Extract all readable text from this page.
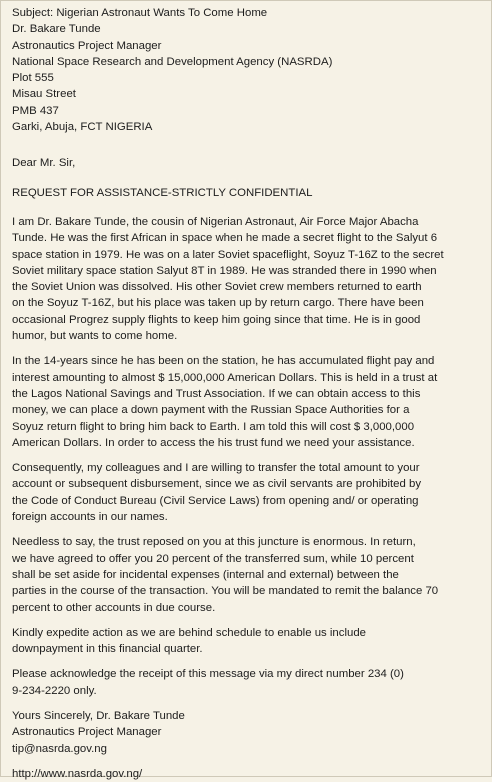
Subject: Nigerian Astronaut Wants To Come Home
Dr. Bakare Tunde
Astronautics Project Manager
National Space Research and Development Agency (NASRDA)
Plot 555
Misau Street
PMB 437
Garki, Abuja, FCT NIGERIA
Dear Mr. Sir,
REQUEST FOR ASSISTANCE-STRICTLY CONFIDENTIAL
I am Dr. Bakare Tunde, the cousin of Nigerian Astronaut, Air Force Major Abacha
Tunde. He was the first African in space when he made a secret flight to the Salyut 6
space station in 1979. He was on a later Soviet spaceflight, Soyuz T-16Z to the secret
Soviet military space station Salyut 8T in 1989. He was stranded there in 1990 when
the Soviet Union was dissolved. His other Soviet crew members returned to earth
on the Soyuz T-16Z, but his place was taken up by return cargo. There have been
occasional Progrez supply flights to keep him going since that time. He is in good
humor, but wants to come home.
In the 14-years since he has been on the station, he has accumulated flight pay and
interest amounting to almost $ 15,000,000 American Dollars. This is held in a trust at
the Lagos National Savings and Trust Association. If we can obtain access to this
money, we can place a down payment with the Russian Space Authorities for a
Soyuz return flight to bring him back to Earth. I am told this will cost $ 3,000,000
American Dollars. In order to access the his trust fund we need your assistance.
Consequently, my colleagues and I are willing to transfer the total amount to your
account or subsequent disbursement, since we as civil servants are prohibited by
the Code of Conduct Bureau (Civil Service Laws) from opening and/ or operating
foreign accounts in our names.
Needless to say, the trust reposed on you at this juncture is enormous. In return,
we have agreed to offer you 20 percent of the transferred sum, while 10 percent
shall be set aside for incidental expenses (internal and external) between the
parties in the course of the transaction. You will be mandated to remit the balance 70
percent to other accounts in due course.
Kindly expedite action as we are behind schedule to enable us include
downpayment in this financial quarter.
Please acknowledge the receipt of this message via my direct number 234 (0)
9-234-2220 only.
Yours Sincerely, Dr. Bakare Tunde
Astronautics Project Manager
tip@nasrda.gov.ng
http://www.nasrda.gov.ng/
